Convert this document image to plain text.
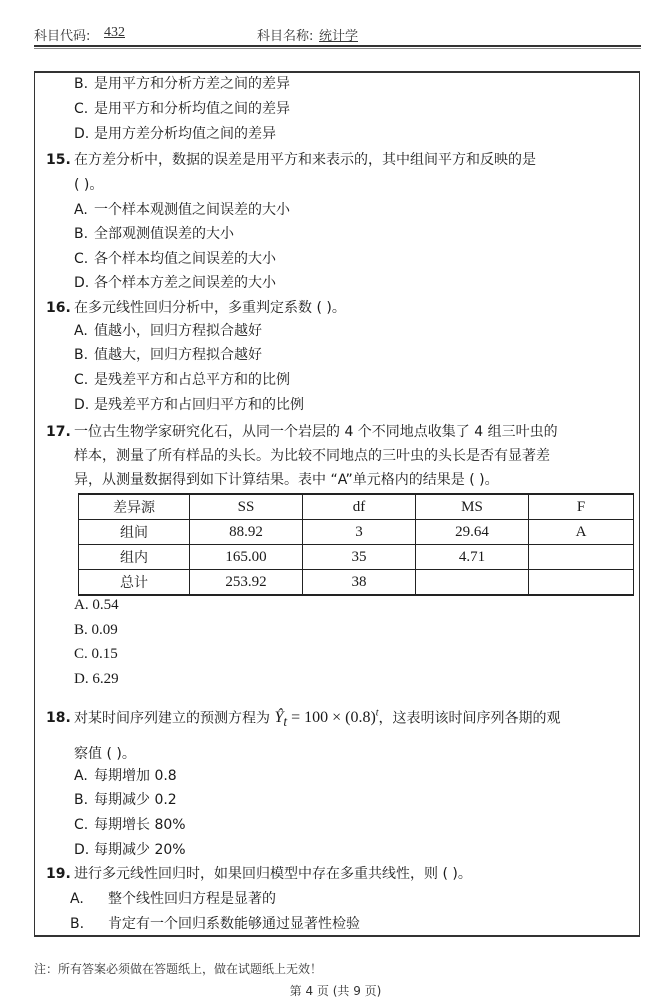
科目代码: 432	科目名称: 统计学
B. 是用平方和分析方差之间的差异
C. 是用平方和分析均值之间的差异
D. 是用方差分析均值之间的差异
15. 在方差分析中，数据的误差是用平方和来表示的，其中组间平方和反映的是
( )。
A. 一个样本观测值之间误差的大小
B. 全部观测值误差的大小
C. 各个样本均值之间误差的大小
D. 各个样本方差之间误差的大小
16. 在多元线性回归分析中，多重判定系数 ( )。
A. 值越小，回归方程拟合越好
B. 值越大，回归方程拟合越好
C. 是残差平方和占总平方和的比例
D. 是残差平方和占回归平方和的比例
17. 一位古生物学家研究化石，从同一个岩层的 4 个不同地点收集了 4 组三叶虫的
样本，测量了所有样品的头长。为比较不同地点的三叶虫的头长是否有显著差
异，从测量数据得到如下计算结果。表中 “A”单元格内的结果是 ( )。
差异源	SS	df	MS	F
组间	88.92	3	29.64	A
组内	165.00	35	4.71	
总计	253.92	38		
A. 0.54
B. 0.09
C. 0.15
D. 6.29
18. 对某时间序列建立的预测方程为 $Ŷ_t = 100 \times (0.8)^t$，这表明该时间序列各期的观
察值 ( )。
A. 每期增加 0.8
B. 每期减少 0.2
C. 每期增长 80%
D. 每期减少 20%
19. 进行多元线性回归时，如果回归模型中存在多重共线性，则 ( )。
A. 整个线性回归方程是显著的
B. 肯定有一个回归系数能够通过显著性检验
注：所有答案必须做在答题纸上，做在试题纸上无效！
第 4 页 (共 9 页)
